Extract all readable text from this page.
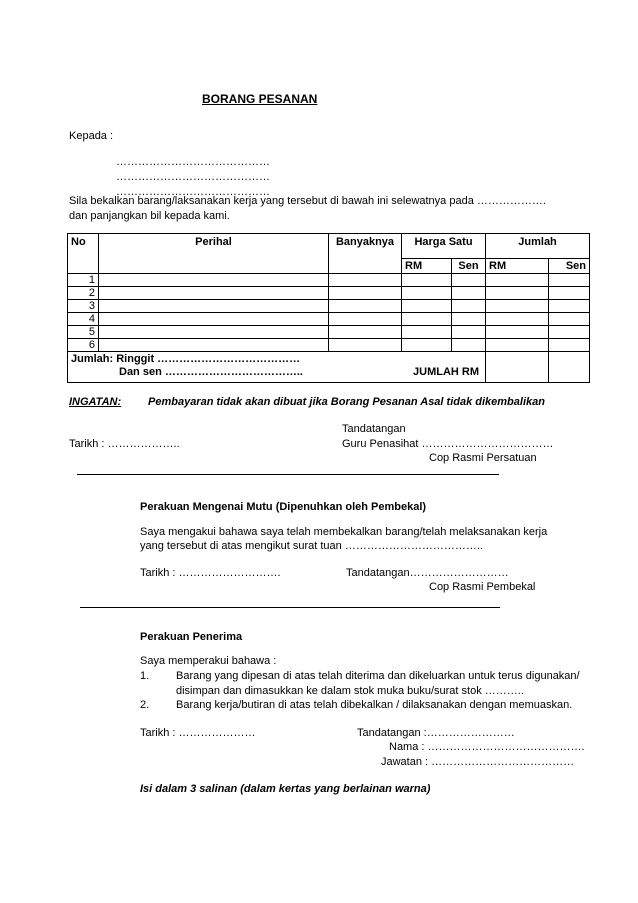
BORANG PESANAN
Kepada :
……………………………………
……………………………………
……………………………………
Sila bekalkan barang/laksanakan kerja yang tersebut di bawah ini selewatnya pada ……………….
dan panjangkan bil kepada kami.
No	Perihal	Banyaknya	Harga Satu		Jumlah	
			RM	Sen	RM	Sen
1						
2						
3						
4						
5						
6						

Jumlah: Ringgit …………………………………
Dan sen ……………………………….. JUMLAH RM						

INGATAN: Pembayaran tidak akan dibuat jika Borang Pesanan Asal tidak dikembalikan
Tandatangan
Tarikh : ………………..	Guru Penasihat ………………………………
Cop Rasmi Persatuan
Perakuan Mengenai Mutu (Dipenuhkan oleh Pembekal)
Saya mengakui bahawa saya telah membekalkan barang/telah melaksanakan kerja
yang tersebut di atas mengikut surat tuan ………………………………..
Tarikh : ……………………….	Tandatangan………………………
Cop Rasmi Pembekal
Perakuan Penerima
Saya memperakui bahawa :
1. Barang yang dipesan di atas telah diterima dan dikeluarkan untuk terus digunakan/
disimpan dan dimasukkan ke dalam stok muka buku/surat stok ………..
2. Barang kerja/butiran di atas telah dibekalkan / dilaksanakan dengan memuaskan.
Tarikh : …………………	Tandatangan :……………………
Nama : …………………………………….
Jawatan : …………………………………
Isi dalam 3 salinan (dalam kertas yang berlainan warna)
